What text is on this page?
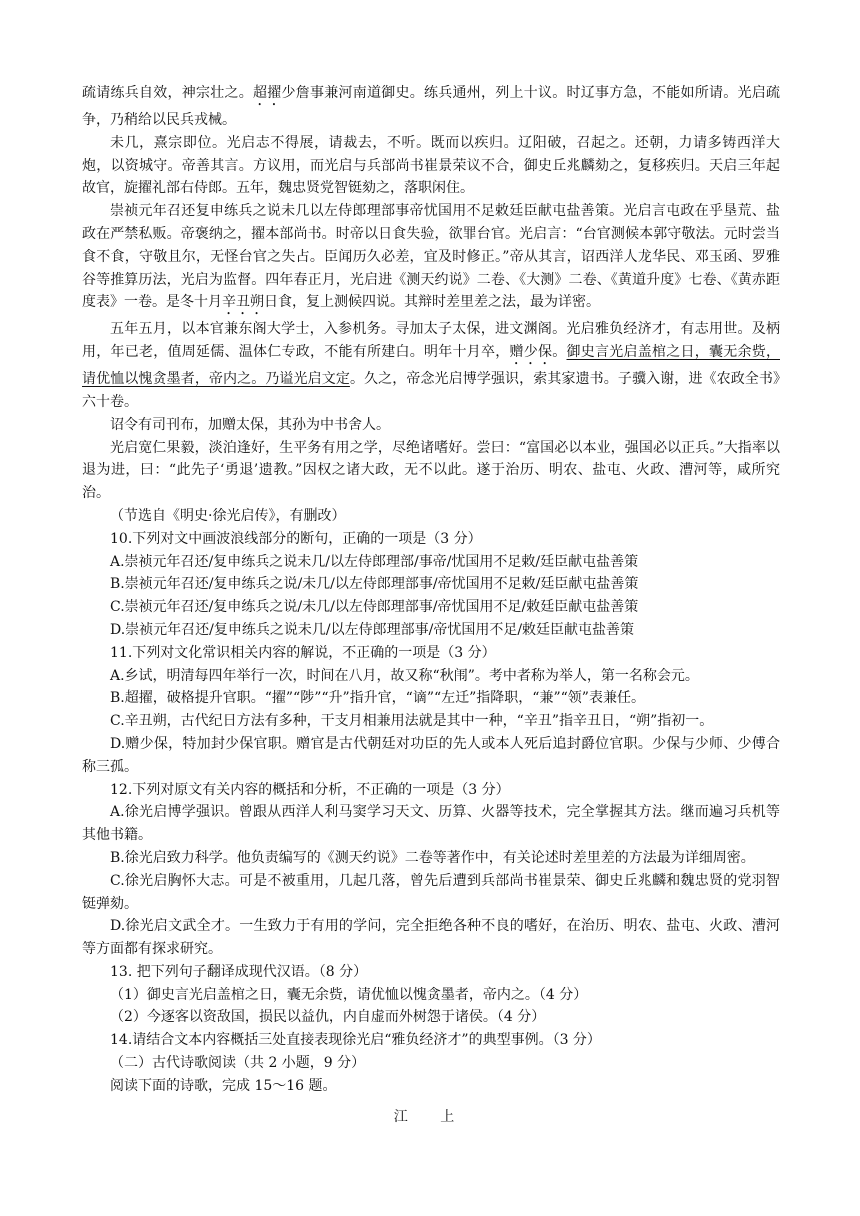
疏请练兵自效，神宗壮之。超擢少詹事兼河南道御史。练兵通州，列上十议。时辽事方急，不能如所请。光启疏争，乃稍给以民兵戎械。

未几，熹宗即位。光启志不得展，请裁去，不听。既而以疾归。辽阳破，召起之。还朝，力请多铸西洋大炮，以资城守。帝善其言。方议用，而光启与兵部尚书崔景荣议不合，御史丘兆麟劾之，复移疾归。天启三年起故官，旋擢礼部右侍郎。五年，魏忠贤党智铤劾之，落职闲住。

崇祯元年召还复申练兵之说未几以左侍郎理部事帝忧国用不足敕廷臣献屯盐善策。光启言屯政在乎垦荒、盐政在严禁私贩。帝褒纳之，擢本部尚书。时帝以日食失验，欲罪台官。光启言：“台官测候本郭守敬法。元时尝当食不食，守敬且尔，无怪台官之失占。臣闻历久必差，宜及时修正。”帝从其言，诏西洋人龙华民、邓玉函、罗雅谷等推算历法，光启为监督。四年春正月，光启进《测天约说》二卷、《大测》二卷、《黄道升度》七卷、《黄赤距度表》一卷。是冬十月辛丑朔日食，复上测候四说。其辩时差里差之法，最为详密。

五年五月，以本官兼东阁大学士，入参机务。寻加太子太保，进文渊阁。光启雅负经济才，有志用世。及柄用，年已老，值周延儒、温体仁专政，不能有所建白。明年十月卒，赠少保。御史言光启盖棺之日，囊无余赀，请优恤以愧贪墨者，帝内之。乃谥光启文定。久之，帝念光启博学强识，索其家遗书。子骥入谢，进《农政全书》六十卷。

诏令有司刊布，加赠太保，其孙为中书舍人。

光启宽仁果毅，淡泊逢好，生平务有用之学，尽绝诸嗜好。尝曰：“富国必以本业，强国必以正兵。”大指率以退为进，曰：“此先子‘勇退’遗教。”因权之诸大政，无不以此。遂于治历、明农、盐屯、火政、漕河等，咸所究治。

（节选自《明史·徐光启传》，有删改）

10.下列对文中画波浪线部分的断句，正确的一项是（3 分）

A.崇祯元年召还/复申练兵之说未几/以左侍郎理部/事帝/忧国用不足敕/廷臣献屯盐善策

B.崇祯元年召还/复申练兵之说/未几/以左侍郎理部事/帝忧国用不足敕/廷臣献屯盐善策

C.崇祯元年召还/复申练兵之说/未几/以左侍郎理部事/帝忧国用不足/敕廷臣献屯盐善策

D.崇祯元年召还/复申练兵之说未几/以左侍郎理部事/帝忧国用不足/敕廷臣献屯盐善策

11.下列对文化常识相关内容的解说，不正确的一项是（3 分）

A.乡试，明清每四年举行一次，时间在八月，故又称“秋闱”。考中者称为举人，第一名称会元。

B.超擢，破格提升官职。“擢”“陟”“升”指升官，“谪”“左迁”指降职，“兼”“领”表兼任。

C.辛丑朔，古代纪日方法有多种，干支月相兼用法就是其中一种，“辛丑”指辛丑日，“朔”指初一。

D.赠少保，特加封少保官职。赠官是古代朝廷对功臣的先人或本人死后追封爵位官职。少保与少师、少傅合称三孤。

12.下列对原文有关内容的概括和分析，不正确的一项是（3 分）

A.徐光启博学强识。曾跟从西洋人利马窦学习天文、历算、火器等技术，完全掌握其方法。继而遍习兵机等其他书籍。

B.徐光启致力科学。他负责编写的《测天约说》二卷等著作中，有关论述时差里差的方法最为详细周密。

C.徐光启胸怀大志。可是不被重用，几起几落，曾先后遭到兵部尚书崔景荣、御史丘兆麟和魏忠贤的党羽智铤弹劾。

D.徐光启文武全才。一生致力于有用的学问，完全拒绝各种不良的嗜好，在治历、明农、盐屯、火政、漕河等方面都有探求研究。

13. 把下列句子翻译成现代汉语。（8 分）

（1）御史言光启盖棺之日，囊无余赀，请优恤以愧贪墨者，帝内之。（4 分）

（2）今逐客以资敌国，损民以益仇，内自虚而外树怨于诸侯。（4 分）

14.请结合文本内容概括三处直接表现徐光启“雅负经济才”的典型事例。（3 分）

（二）古代诗歌阅读（共 2 小题，9 分）

阅读下面的诗歌，完成 15～16 题。

江 上
